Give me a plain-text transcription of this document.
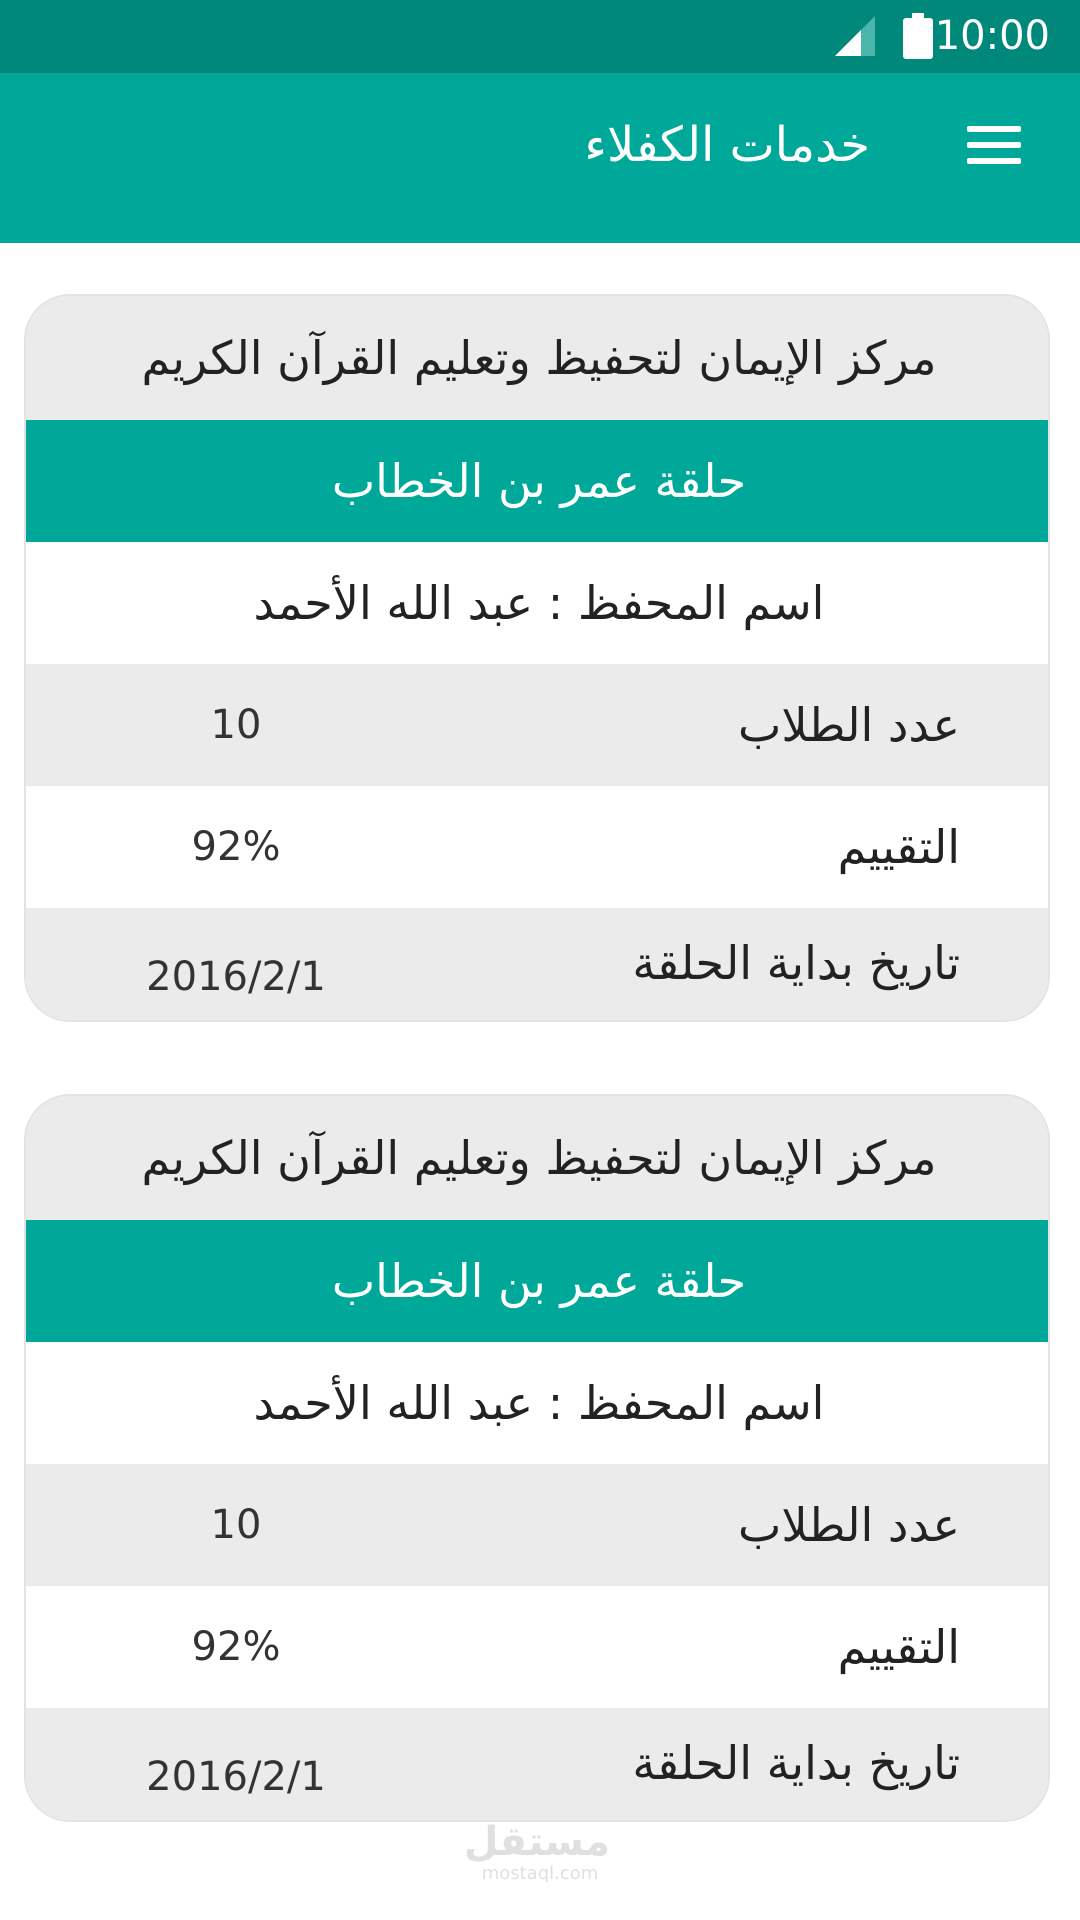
10:00
خدمات الكفلاء
مركز الإيمان لتحفيظ وتعليم القرآن الكريم
حلقة عمر بن الخطاب
اسم المحفظ : عبد الله الأحمد
عدد الطلاب
10
التقييم
92%
تاريخ بداية الحلقة
2016/2/1
مركز الإيمان لتحفيظ وتعليم القرآن الكريم
حلقة عمر بن الخطاب
اسم المحفظ : عبد الله الأحمد
عدد الطلاب
10
التقييم
92%
تاريخ بداية الحلقة
2016/2/1
مستقل
mostaql.com
